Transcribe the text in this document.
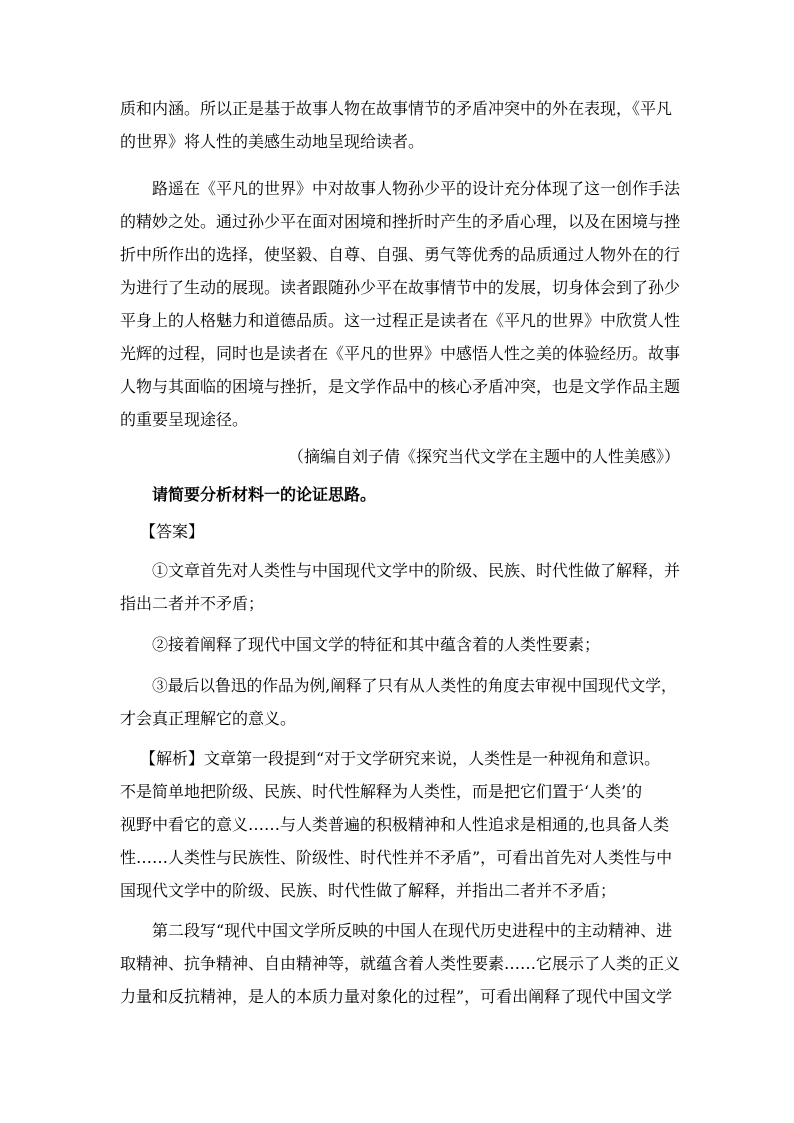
质和内涵。所以正是基于故事人物在故事情节的矛盾冲突中的外在表现，《平凡
的世界》将人性的美感生动地呈现给读者。
路遥在《平凡的世界》中对故事人物孙少平的设计充分体现了这一创作手法
的精妙之处。通过孙少平在面对困境和挫折时产生的矛盾心理，以及在困境与挫
折中所作出的选择，使坚毅、自尊、自强、勇气等优秀的品质通过人物外在的行
为进行了生动的展现。读者跟随孙少平在故事情节中的发展，切身体会到了孙少
平身上的人格魅力和道德品质。这一过程正是读者在《平凡的世界》中欣赏人性
光辉的过程，同时也是读者在《平凡的世界》中感悟人性之美的体验经历。故事
人物与其面临的困境与挫折，是文学作品中的核心矛盾冲突，也是文学作品主题
的重要呈现途径。
（摘编自刘子倩《探究当代文学在主题中的人性美感》）
请简要分析材料一的论证思路。
【答案】
①文章首先对人类性与中国现代文学中的阶级、民族、时代性做了解释，并
指出二者并不矛盾；
②接着阐释了现代中国文学的特征和其中蕴含着的人类性要素；
③最后以鲁迅的作品为例,阐释了只有从人类性的角度去审视中国现代文学，
才会真正理解它的意义。
【解析】文章第一段提到“对于文学研究来说，人类性是一种视角和意识。
不是简单地把阶级、民族、时代性解释为人类性，而是把它们置于‘人类’的
视野中看它的意义……与人类普遍的积极精神和人性追求是相通的,也具备人类
性……人类性与民族性、阶级性、时代性并不矛盾”，可看出首先对人类性与中
国现代文学中的阶级、民族、时代性做了解释，并指出二者并不矛盾；
第二段写“现代中国文学所反映的中国人在现代历史进程中的主动精神、进
取精神、抗争精神、自由精神等，就蕴含着人类性要素……它展示了人类的正义
力量和反抗精神，是人的本质力量对象化的过程”，可看出阐释了现代中国文学
